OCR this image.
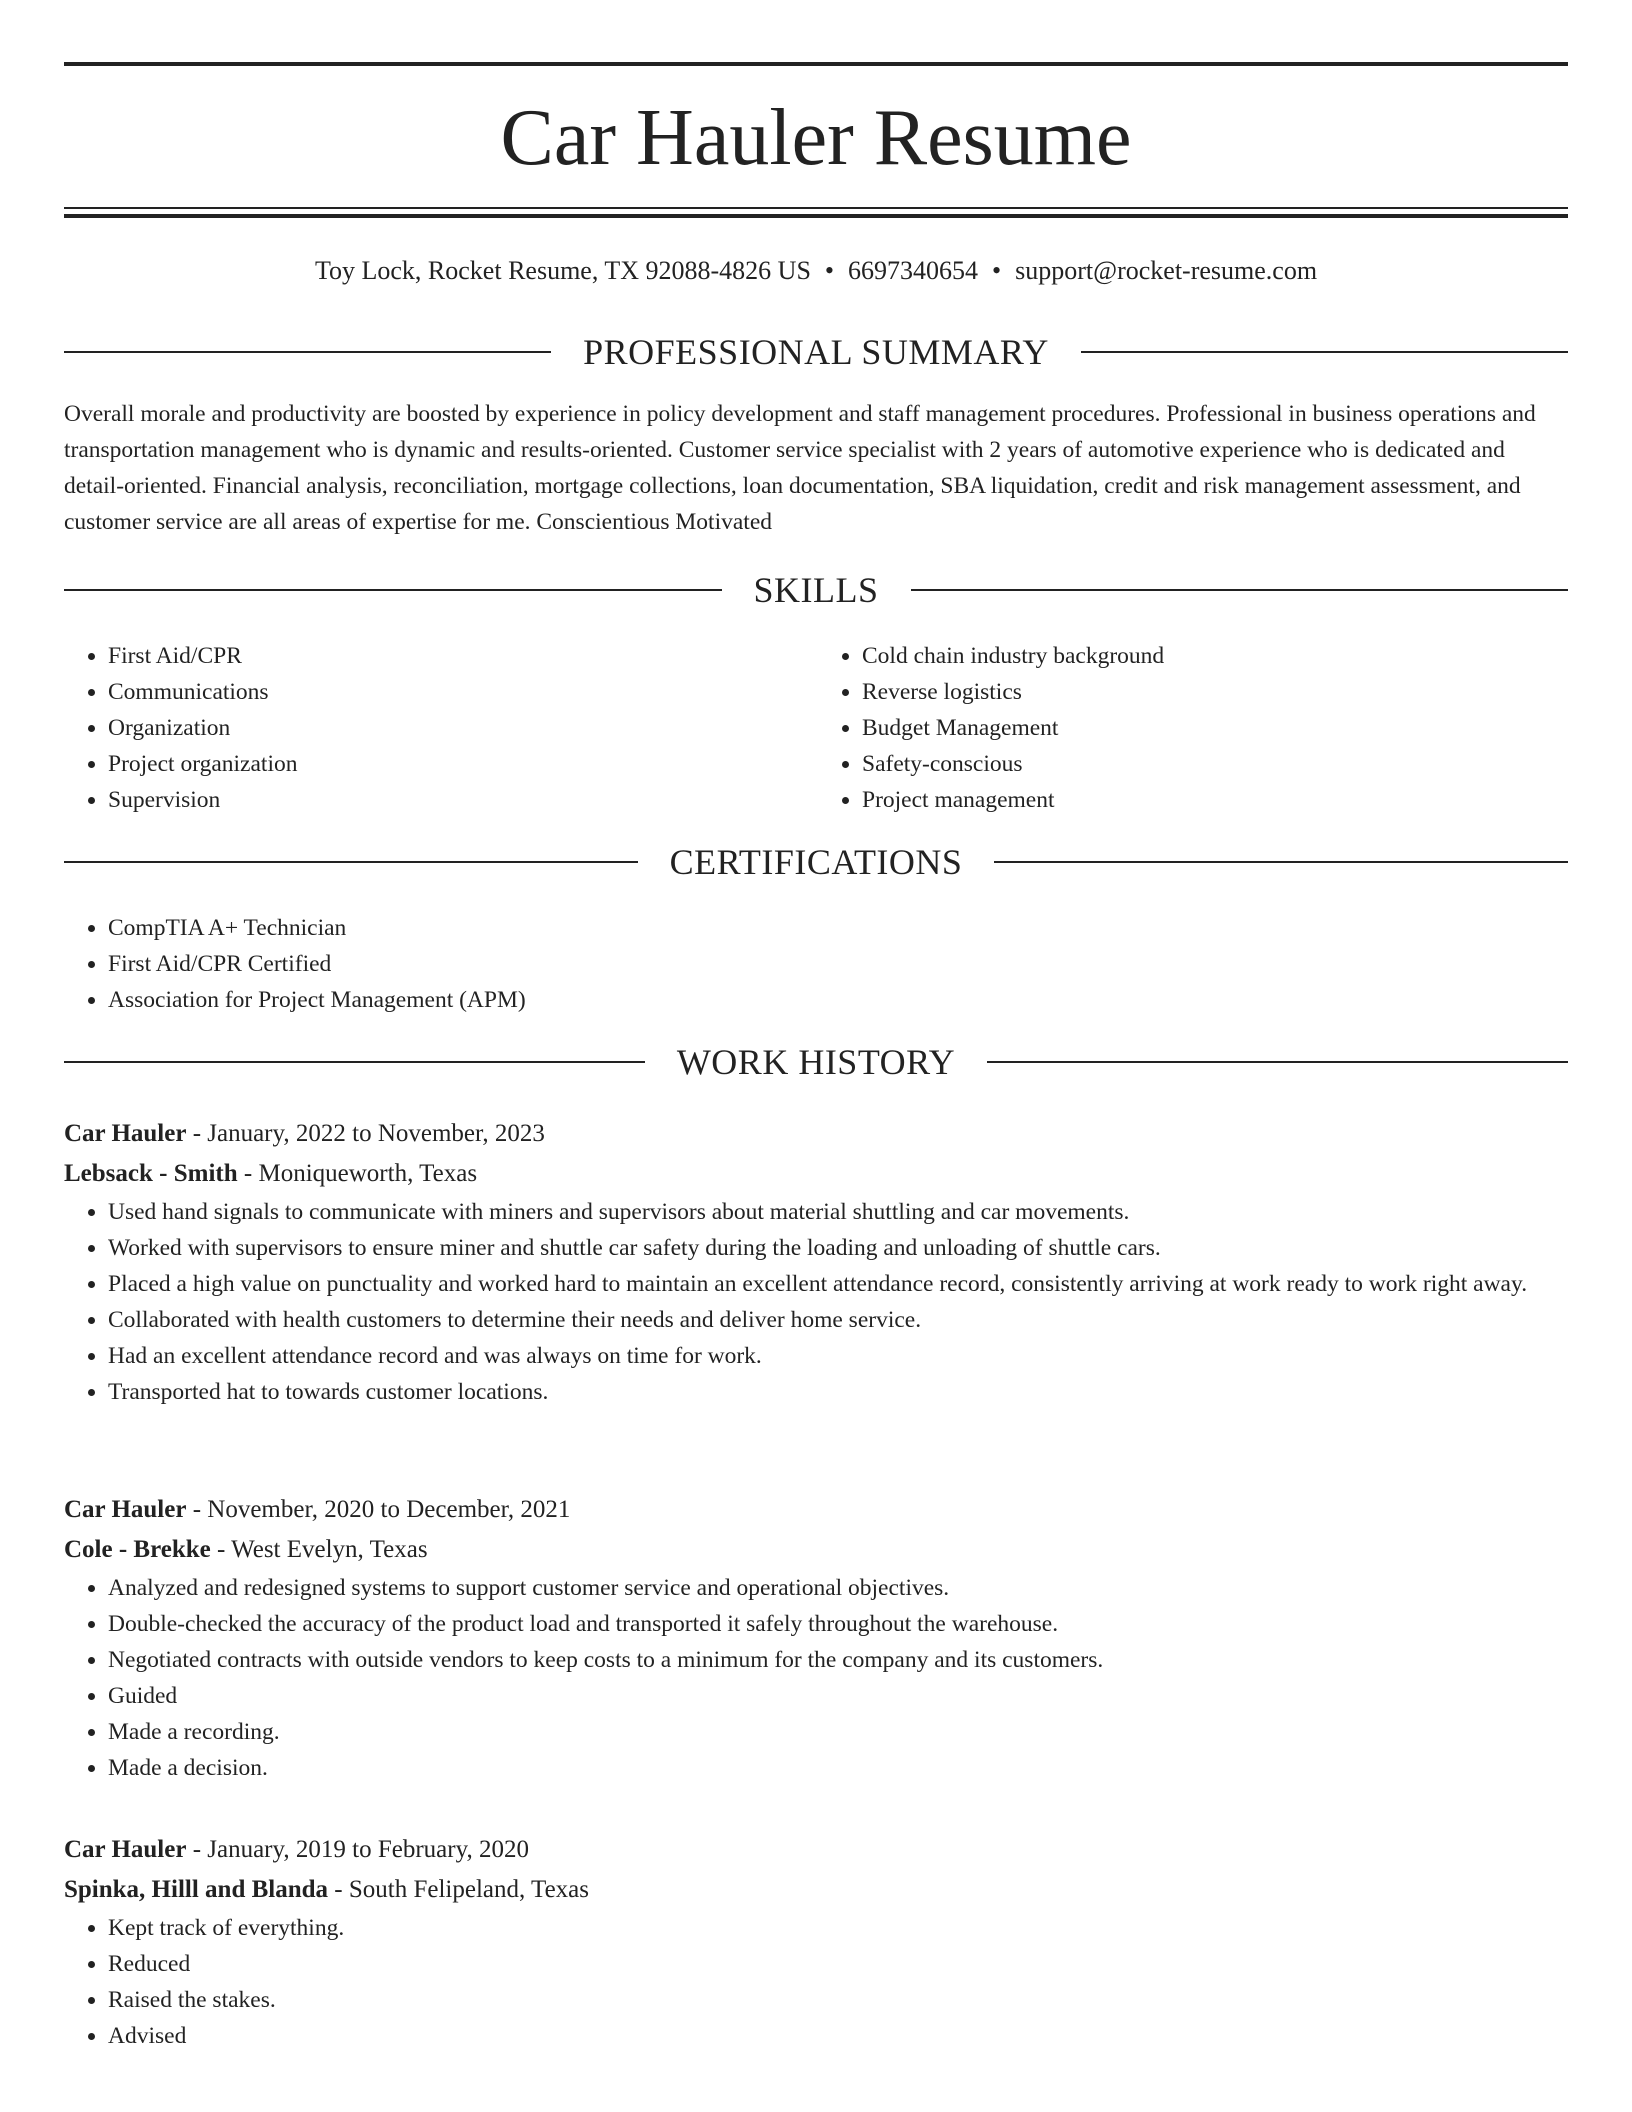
Car Hauler Resume
Toy Lock, Rocket Resume, TX 92088-4826 US • 6697340654 • support@rocket-resume.com
PROFESSIONAL SUMMARY

Overall morale and productivity are boosted by experience in policy development and staff management procedures. Professional in business operations and transportation management who is dynamic and results-oriented. Customer service specialist with 2 years of automotive experience who is dedicated and detail-oriented. Financial analysis, reconciliation, mortgage collections, loan documentation, SBA liquidation, credit and risk management assessment, and customer service are all areas of expertise for me. Conscientious Motivated

SKILLS
• First Aid/CPR
• Communications
• Organization
• Project organization
• Supervision
• Cold chain industry background
• Reverse logistics
• Budget Management
• Safety-conscious
• Project management
CERTIFICATIONS
• CompTIA A+ Technician
• First Aid/CPR Certified
• Association for Project Management (APM)
WORK HISTORY

Car Hauler - January, 2022 to November, 2023

Lebsack - Smith - Moniqueworth, Texas

• Used hand signals to communicate with miners and supervisors about material shuttling and car movements.
• Worked with supervisors to ensure miner and shuttle car safety during the loading and unloading of shuttle cars.
• Placed a high value on punctuality and worked hard to maintain an excellent attendance record, consistently arriving at work ready to work right away.
• Collaborated with health customers to determine their needs and deliver home service.
• Had an excellent attendance record and was always on time for work.
• Transported hat to towards customer locations.

Car Hauler - November, 2020 to December, 2021

Cole - Brekke - West Evelyn, Texas

• Analyzed and redesigned systems to support customer service and operational objectives.
• Double-checked the accuracy of the product load and transported it safely throughout the warehouse.
• Negotiated contracts with outside vendors to keep costs to a minimum for the company and its customers.
• Guided
• Made a recording.
• Made a decision.

Car Hauler - January, 2019 to February, 2020

Spinka, Hilll and Blanda - South Felipeland, Texas

• Kept track of everything.
• Reduced
• Raised the stakes.
• Advised
